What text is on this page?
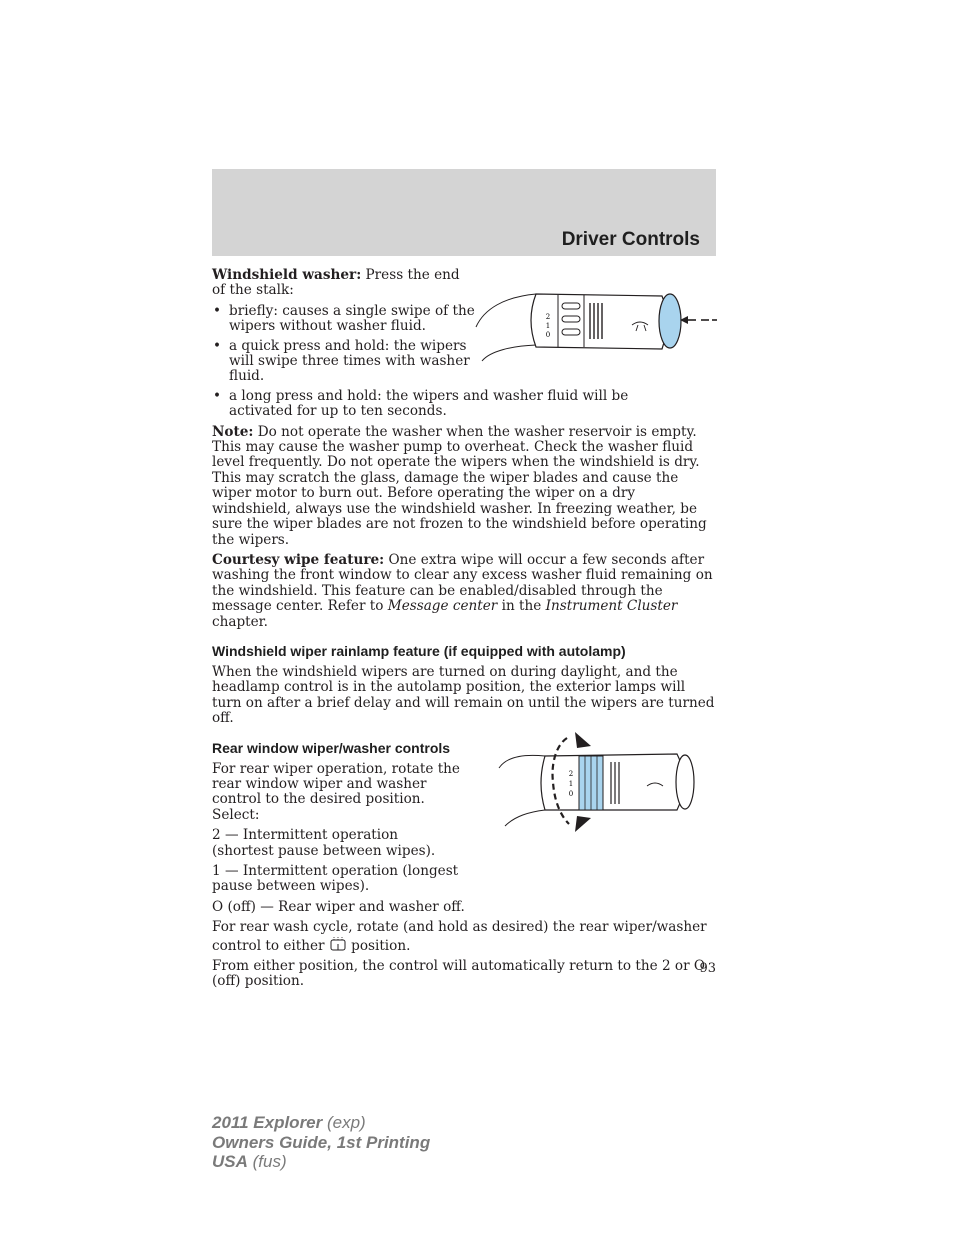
Driver Controls
2
1
0
2
1
0

Windshield washer: Press the end
of the stalk:

• briefly: causes a single swipe of the wipers without washer fluid.
• a quick press and hold: the wipers will swipe three times with washer fluid.
• a long press and hold: the wipers and washer fluid will be activated for up to ten seconds.

Note: Do not operate the washer when the washer reservoir is empty. This may cause the washer pump to overheat. Check the washer fluid level frequently. Do not operate the wipers when the windshield is dry. This may scratch the glass, damage the wiper blades and cause the wiper motor to burn out. Before operating the wiper on a dry windshield, always use the windshield washer. In freezing weather, be sure the wiper blades are not frozen to the windshield before operating the wipers.

Courtesy wipe feature: One extra wipe will occur a few seconds after washing the front window to clear any excess washer fluid remaining on the windshield. This feature can be enabled/disabled through the message center. Refer to Message center in the Instrument Cluster chapter.

Windshield wiper rainlamp feature (if equipped with autolamp)

When the windshield wipers are turned on during daylight, and the headlamp control is in the autolamp position, the exterior lamps will turn on after a brief delay and will remain on until the wipers are turned off.

Rear window wiper/washer controls

For rear wiper operation, rotate the rear window wiper and washer control to the desired position. Select:

2 — Intermittent operation (shortest pause between wipes).

1 — Intermittent operation (longest pause between wipes).

O (off) — Rear wiper and washer off.

For rear wash cycle, rotate (and hold as desired) the rear wiper/washer control to either  position.

From either position, the control will automatically return to the 2 or O (off) position.

93
2011 Explorer (exp)
Owners Guide, 1st Printing
USA (fus)
